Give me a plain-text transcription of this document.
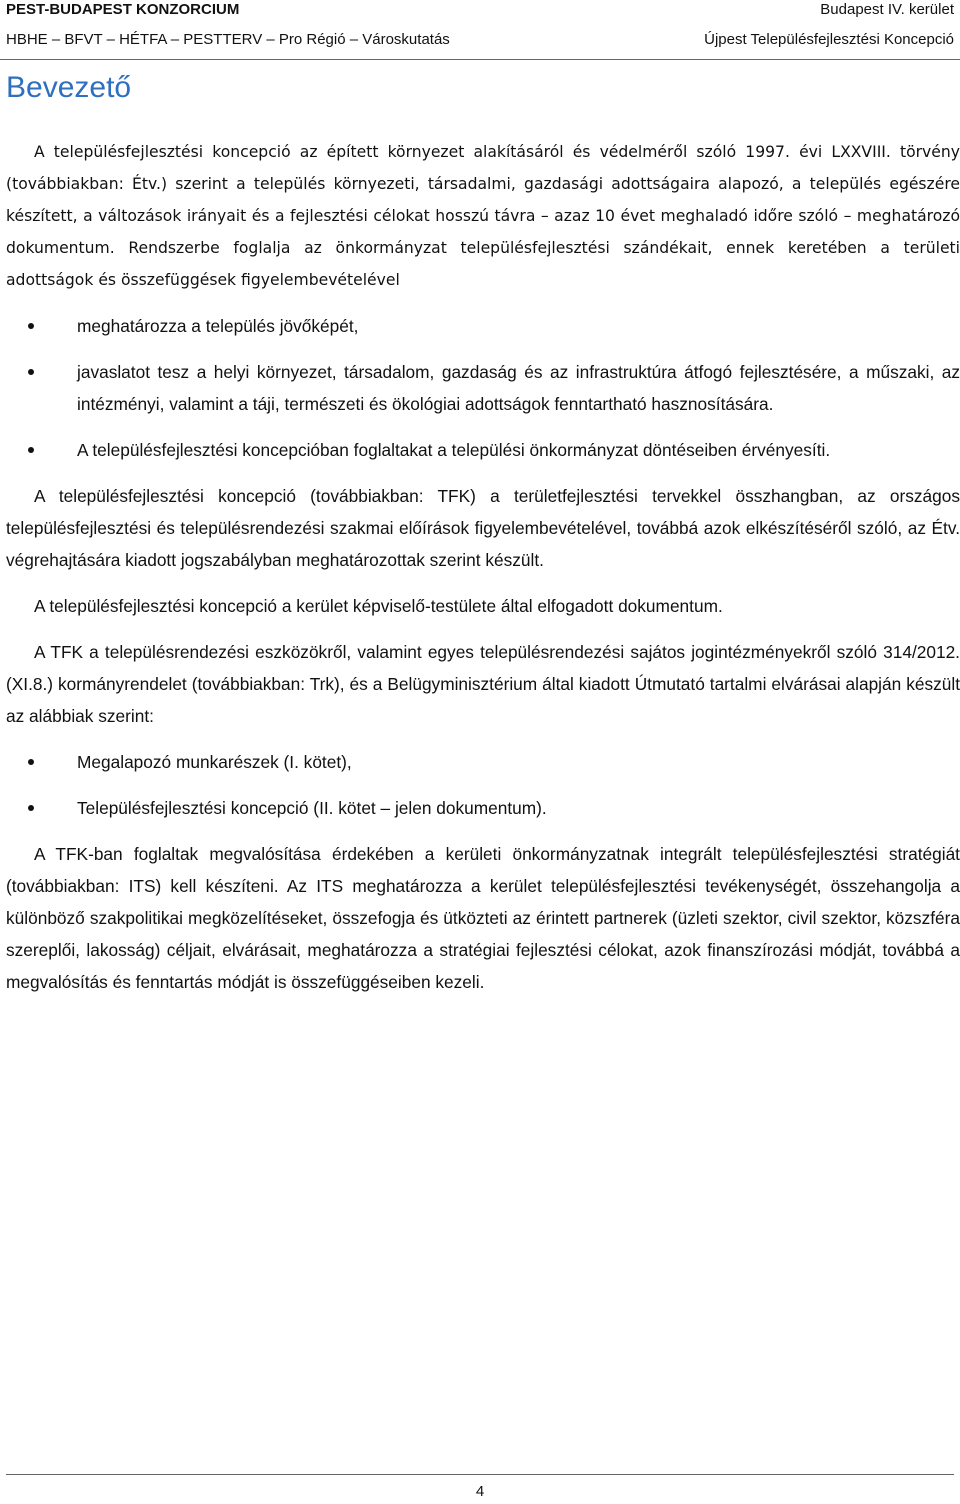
PEST-BUDAPEST KONZORCIUM	Budapest IV. kerület
HBHE – BFVT – HÉTFA – PESTTERV – Pro Régió – Városkutatás	Újpest Településfejlesztési Koncepció
Bevezető

A településfejlesztési koncepció az épített környezet alakításáról és védelméről szóló 1997. évi LXXVIII. törvény (továbbiakban: Étv.) szerint a település környezeti, társadalmi, gazdasági adottságaira alapozó, a település egészére készített, a változások irányait és a fejlesztési célokat hosszú távra – azaz 10 évet meghaladó időre szóló – meghatározó dokumentum. Rendszerbe foglalja az önkormányzat településfejlesztési szándékait, ennek keretében a területi adottságok és összefüggések figyelembevételével

meghatározza a település jövőképét,
javaslatot tesz a helyi környezet, társadalom, gazdaság és az infrastruktúra átfogó fejlesztésére, a műszaki, az intézményi, valamint a táji, természeti és ökológiai adottságok fenntartható hasznosítására.
A településfejlesztési koncepcióban foglaltakat a települési önkormányzat döntéseiben érvényesíti.

A településfejlesztési koncepció (továbbiakban: TFK) a területfejlesztési tervekkel összhangban, az országos településfejlesztési és településrendezési szakmai előírások figyelembevételével, továbbá azok elkészítéséről szóló, az Étv. végrehajtására kiadott jogszabályban meghatározottak szerint készült.

A településfejlesztési koncepció a kerület képviselő-testülete által elfogadott dokumentum.

A TFK a településrendezési eszközökről, valamint egyes településrendezési sajátos jogintézményekről szóló 314/2012. (XI.8.) kormányrendelet (továbbiakban: Trk), és a Belügyminisztérium által kiadott Útmutató tartalmi elvárásai alapján készült az alábbiak szerint:

Megalapozó munkarészek (I. kötet),
Településfejlesztési koncepció (II. kötet – jelen dokumentum).

A TFK-ban foglaltak megvalósítása érdekében a kerületi önkormányzatnak integrált településfejlesztési stratégiát (továbbiakban: ITS) kell készíteni. Az ITS meghatározza a kerület településfejlesztési tevékenységét, összehangolja a különböző szakpolitikai megközelítéseket, összefogja és ütközteti az érintett partnerek (üzleti szektor, civil szektor, közszféra szereplői, lakosság) céljait, elvárásait, meghatározza a stratégiai fejlesztési célokat, azok finanszírozási módját, továbbá a megvalósítás és fenntartás módját is összefüggéseiben kezeli.

4
